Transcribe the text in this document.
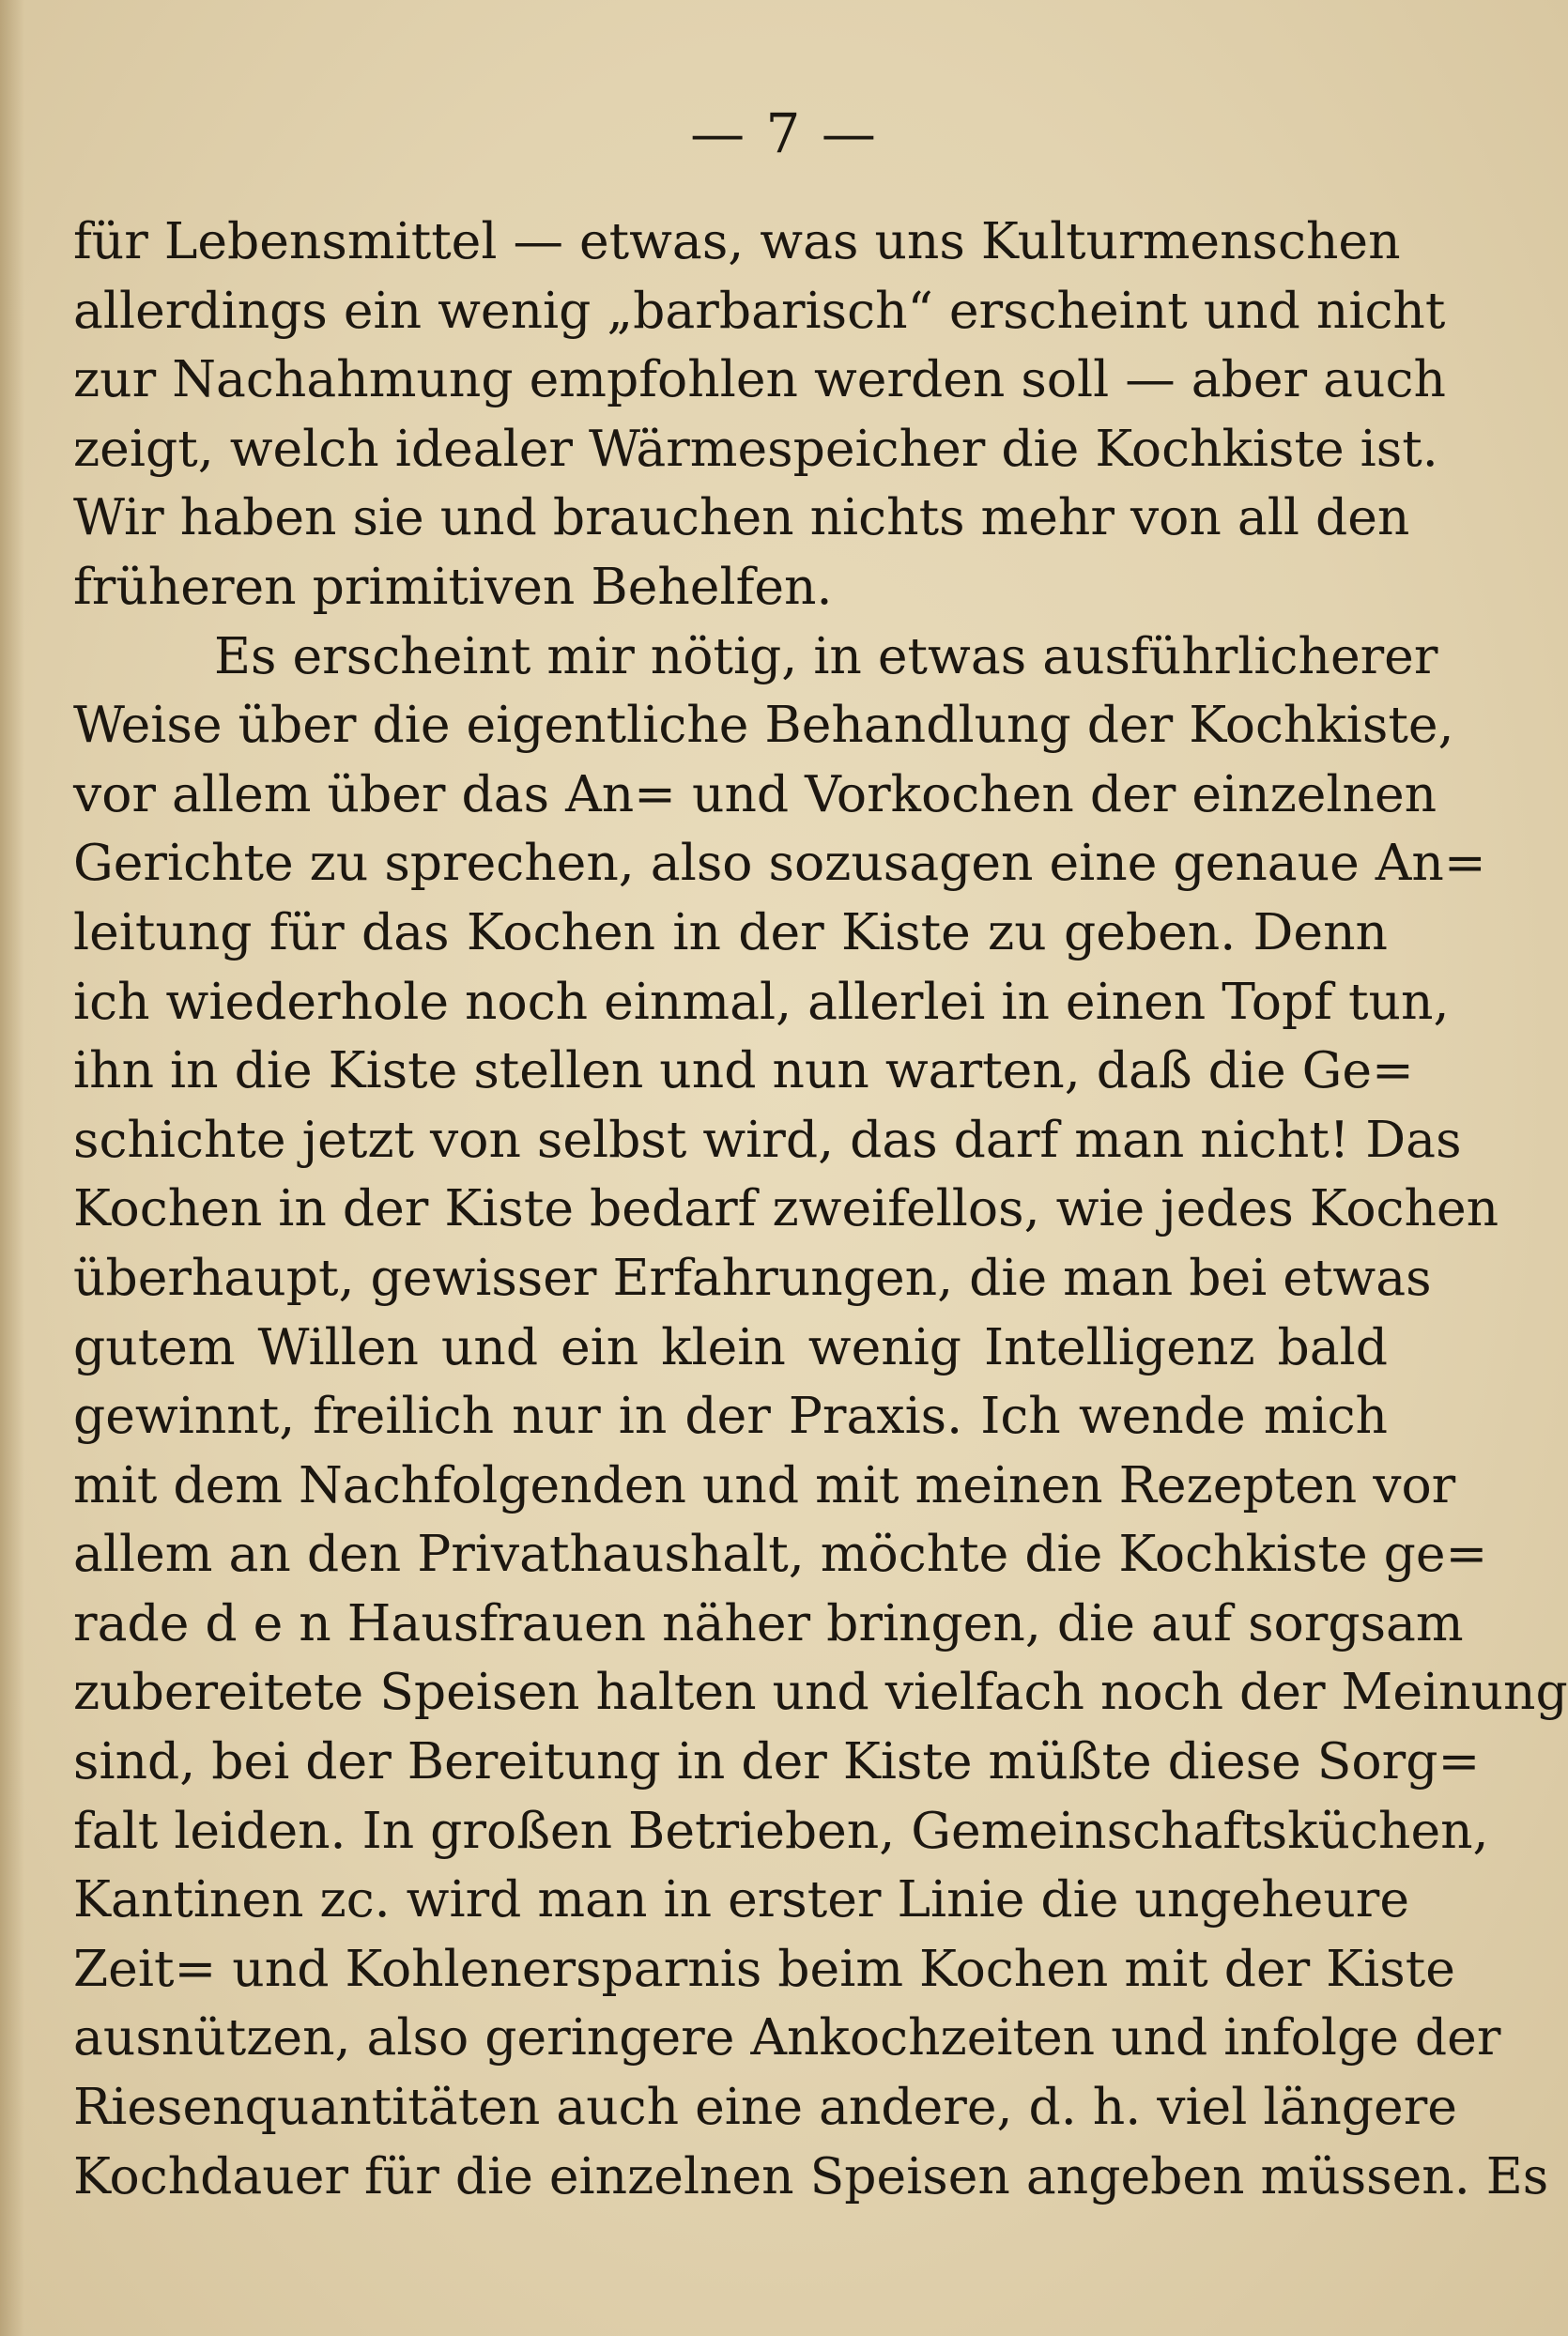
— 7 —
für Lebensmittel — etwas, was uns Kulturmenschen
allerdings ein wenig „barbarisch“ erscheint und nicht
zur Nachahmung empfohlen werden soll — aber auch
zeigt, welch idealer Wärmespeicher die Kochkiste ist.
Wir haben sie und brauchen nichts mehr von all den
früheren primitiven Behelfen.
Es erscheint mir nötig, in etwas ausführlicherer
Weise über die eigentliche Behandlung der Kochkiste,
vor allem über das An= und Vorkochen der einzelnen
Gerichte zu sprechen, also sozusagen eine genaue An=
leitung für das Kochen in der Kiste zu geben. Denn
ich wiederhole noch einmal, allerlei in einen Topf tun,
ihn in die Kiste stellen und nun warten, daß die Ge=
schichte jetzt von selbst wird, das darf man nicht! Das
Kochen in der Kiste bedarf zweifellos, wie jedes Kochen
überhaupt, gewisser Erfahrungen, die man bei etwas
gutem Willen und ein klein wenig Intelligenz bald
gewinnt, freilich nur in der Praxis. Ich wende mich
mit dem Nachfolgenden und mit meinen Rezepten vor
allem an den Privathaushalt, möchte die Kochkiste ge=
rade d e n Hausfrauen näher bringen, die auf sorgsam
zubereitete Speisen halten und vielfach noch der Meinung
sind, bei der Bereitung in der Kiste müßte diese Sorg=
falt leiden. In großen Betrieben, Gemeinschaftsküchen,
Kantinen zc. wird man in erster Linie die ungeheure
Zeit= und Kohlenersparnis beim Kochen mit der Kiste
ausnützen, also geringere Ankochzeiten und infolge der
Riesenquantitäten auch eine andere, d. h. viel längere
Kochdauer für die einzelnen Speisen angeben müssen. Es
